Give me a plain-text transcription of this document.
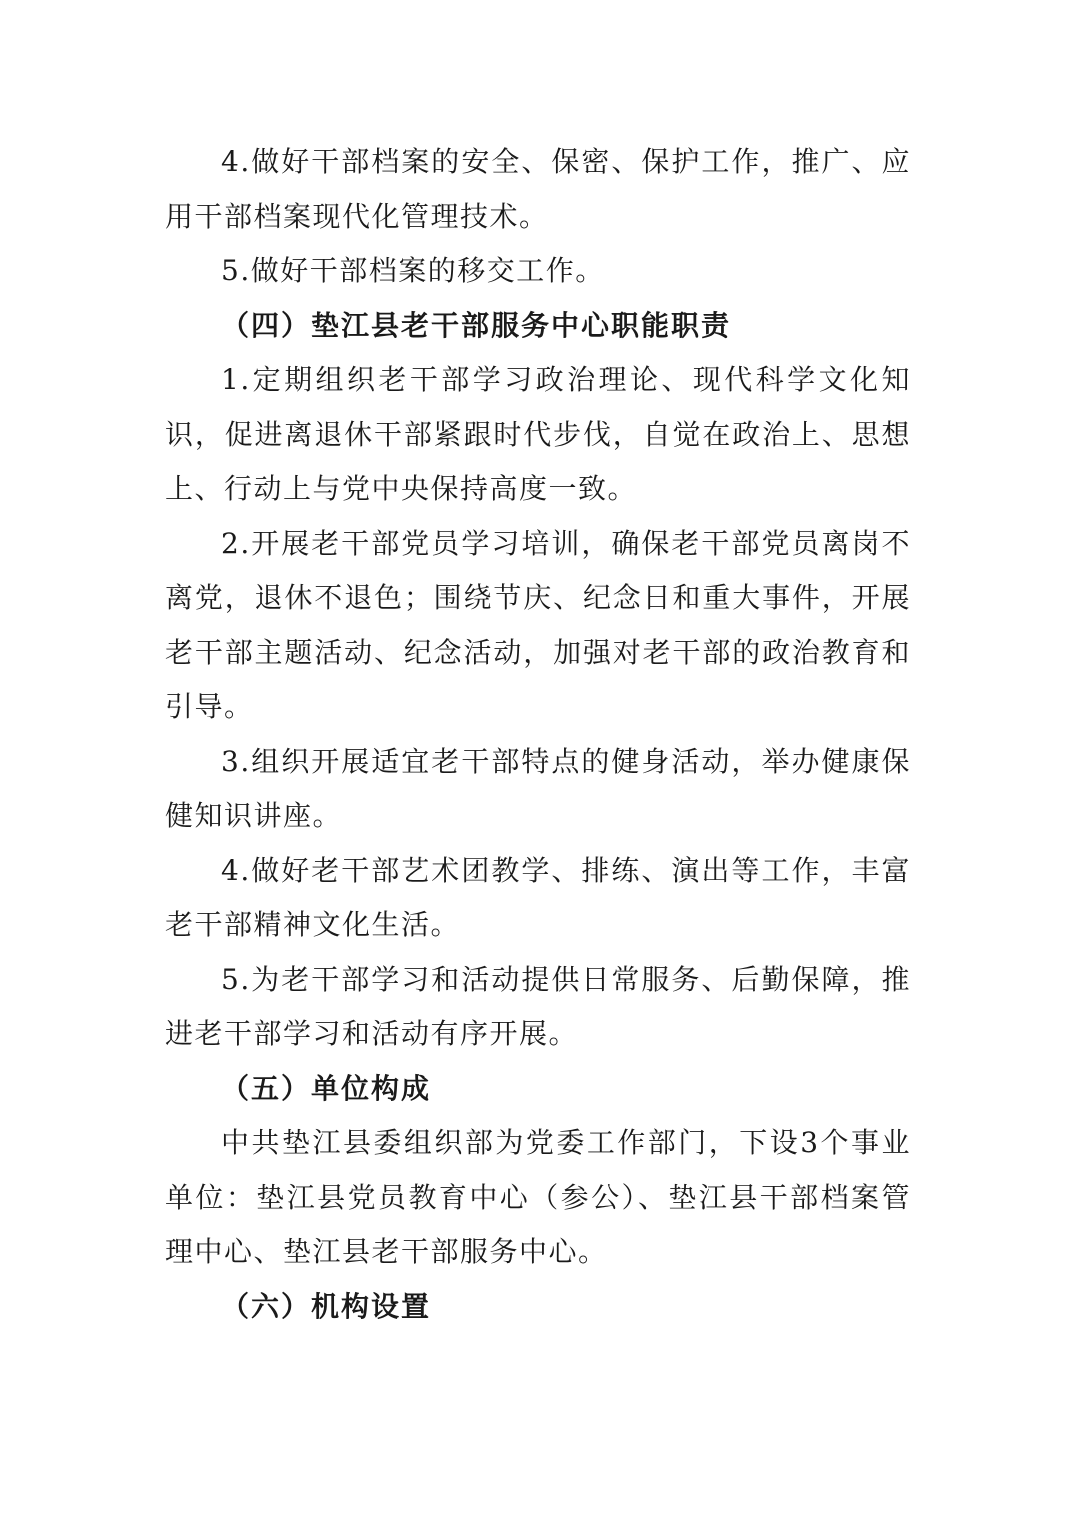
4.做好干部档案的安全、保密、保护工作，推广、应用干部档案现代化管理技术。

5.做好干部档案的移交工作。

（四）垫江县老干部服务中心职能职责

1.定期组织老干部学习政治理论、现代科学文化知识，促进离退休干部紧跟时代步伐，自觉在政治上、思想上、行动上与党中央保持高度一致。

2.开展老干部党员学习培训，确保老干部党员离岗不离党，退休不退色；围绕节庆、纪念日和重大事件，开展老干部主题活动、纪念活动，加强对老干部的政治教育和引导。

3.组织开展适宜老干部特点的健身活动，举办健康保健知识讲座。

4.做好老干部艺术团教学、排练、演出等工作，丰富老干部精神文化生活。

5.为老干部学习和活动提供日常服务、后勤保障，推进老干部学习和活动有序开展。

（五）单位构成

中共垫江县委组织部为党委工作部门，下设3个事业单位：垫江县党员教育中心（参公）、垫江县干部档案管理中心、垫江县老干部服务中心。

（六）机构设置
